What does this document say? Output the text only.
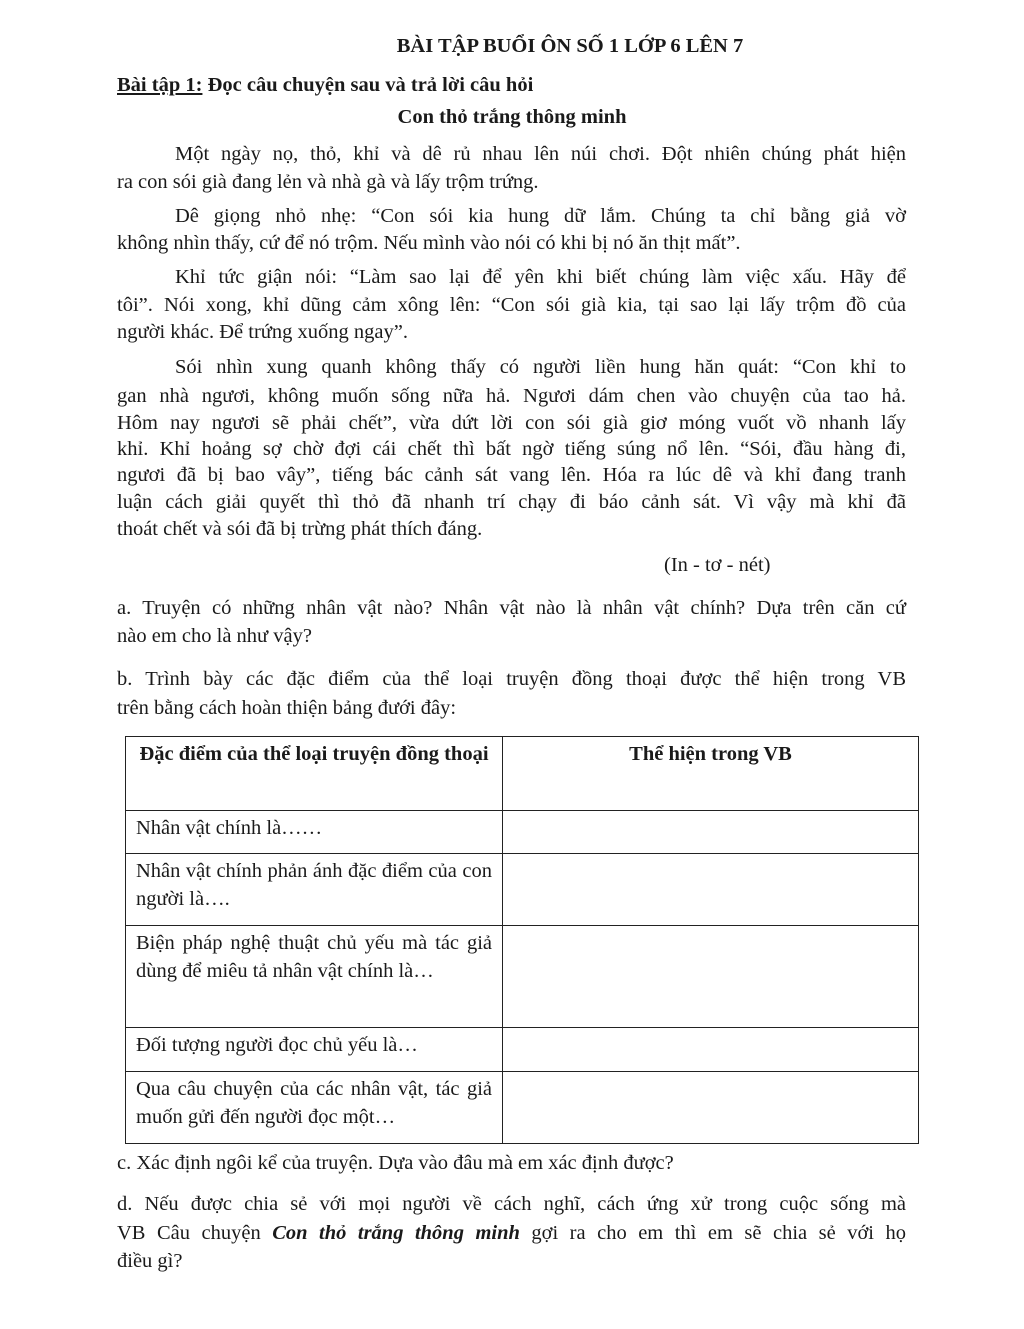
BÀI TẬP BUỔI ÔN SỐ 1 LỚP 6 LÊN 7
Bài tập 1: Đọc câu chuyện sau và trả lời câu hỏi
Con thỏ trắng thông minh
Một ngày nọ, thỏ, khỉ và dê rủ nhau lên núi chơi. Đột nhiên chúng phát hiện
ra con sói già đang lẻn và nhà gà và lấy trộm trứng.
Dê giọng nhỏ nhẹ: “Con sói kia hung dữ lắm. Chúng ta chỉ bằng giả vờ
không nhìn thấy, cứ để nó trộm. Nếu mình vào nói có khi bị nó ăn thịt mất”.
Khỉ tức giận nói: “Làm sao lại để yên khi biết chúng làm việc xấu. Hãy để
tôi”. Nói xong, khỉ dũng cảm xông lên: “Con sói già kia, tại sao lại lấy trộm đồ của
người khác. Để trứng xuống ngay”.
Sói nhìn xung quanh không thấy có người liền hung hăn quát: “Con khỉ to
gan nhà ngươi, không muốn sống nữa hả. Ngươi dám chen vào chuyện của tao hả.
Hôm nay ngươi sẽ phải chết”, vừa dứt lời con sói già giơ móng vuốt vồ nhanh lấy
khỉ. Khỉ hoảng sợ chờ đợi cái chết thì bất ngờ tiếng súng nổ lên. “Sói, đầu hàng đi,
ngươi đã bị bao vây”, tiếng bác cảnh sát vang lên. Hóa ra lúc dê và khỉ đang tranh
luận cách giải quyết thì thỏ đã nhanh trí chạy đi báo cảnh sát. Vì vậy mà khỉ đã
thoát chết và sói đã bị trừng phát thích đáng.
(In - tơ - nét)
a. Truyện có những nhân vật nào? Nhân vật nào là nhân vật chính? Dựa trên căn cứ
nào em cho là như vậy?
b. Trình bày các đặc điểm của thể loại truyện đồng thoại được thể hiện trong VB
trên bằng cách hoàn thiện bảng đưới đây:
Đặc điểm của thể loại truyện đồng thoại	Thể hiện trong VB
Nhân vật chính là……	
Nhân vật chính phản ánh đặc điểm của con người là….	
Biện pháp nghệ thuật chủ yếu mà tác giả dùng để miêu tả nhân vật chính là…	
Đối tượng người đọc chủ yếu là…	
Qua câu chuyện của các nhân vật, tác giả muốn gửi đến người đọc một…	
c. Xác định ngôi kể của truyện. Dựa vào đâu mà em xác định được?
d. Nếu được chia sẻ với mọi người về cách nghĩ, cách ứng xử trong cuộc sống mà
VB Câu chuyện Con thỏ trắng thông minh gợi ra cho em thì em sẽ chia sẻ với họ
điều gì?
